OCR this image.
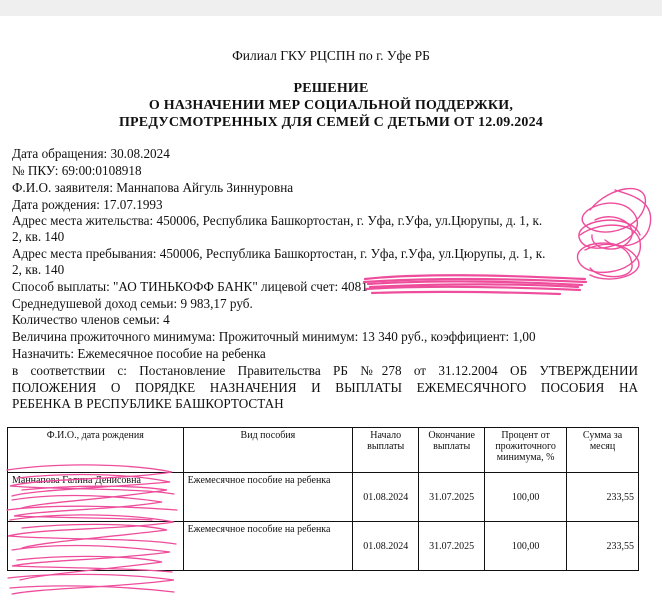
Филиал ГКУ РЦСПН по г. Уфе РБ
РЕШЕНИЕ
О НАЗНАЧЕНИИ МЕР СОЦИАЛЬНОЙ ПОДДЕРЖКИ,
ПРЕДУСМОТРЕННЫХ ДЛЯ СЕМЕЙ С ДЕТЬМИ ОТ 12.09.2024
Дата обращения: 30.08.2024
№ ПКУ: 69:00:0108918
Ф.И.О. заявителя: Маннапова Айгуль Зиннуровна
Дата рождения: 17.07.1993
Адрес места жительства: 450006, Республика Башкортостан, г. Уфа, г.Уфа, ул.Цюрупы, д. 1, к.
2, кв. 140
Адрес места пребывания: 450006, Республика Башкортостан, г. Уфа, г.Уфа, ул.Цюрупы, д. 1, к.
2, кв. 140
Способ выплаты: "АО ТИНЬКОФФ БАНК" лицевой счет: 4081
Среднедушевой доход семьи: 9 983,17 руб.
Количество членов семьи: 4
Величина прожиточного минимума: Прожиточный минимум: 13 340 руб., коэффициент: 1,00
Назначить: Ежемесячное пособие на ребенка
в соответствии с: Постановление Правительства РБ №278 от 31.12.2004 ОБ УТВЕРЖДЕНИИ
ПОЛОЖЕНИЯ О ПОРЯДКЕ НАЗНАЧЕНИЯ И ВЫПЛАТЫ ЕЖЕМЕСЯЧНОГО ПОСОБИЯ НА
РЕБЕНКА В РЕСПУБЛИКЕ БАШКОРТОСТАН
Ф.И.О., дата рождения	Вид пособия	Начало выплаты	Окончание выплаты	Процент от прожиточного минимума, %	Сумма за месяц
Маннапова Галина Денисовна	Ежемесячное пособие на ребенка	01.08.2024	31.07.2025	100,00	233,55
	Ежемесячное пособие на ребенка	01.08.2024	31.07.2025	100,00	233,55
